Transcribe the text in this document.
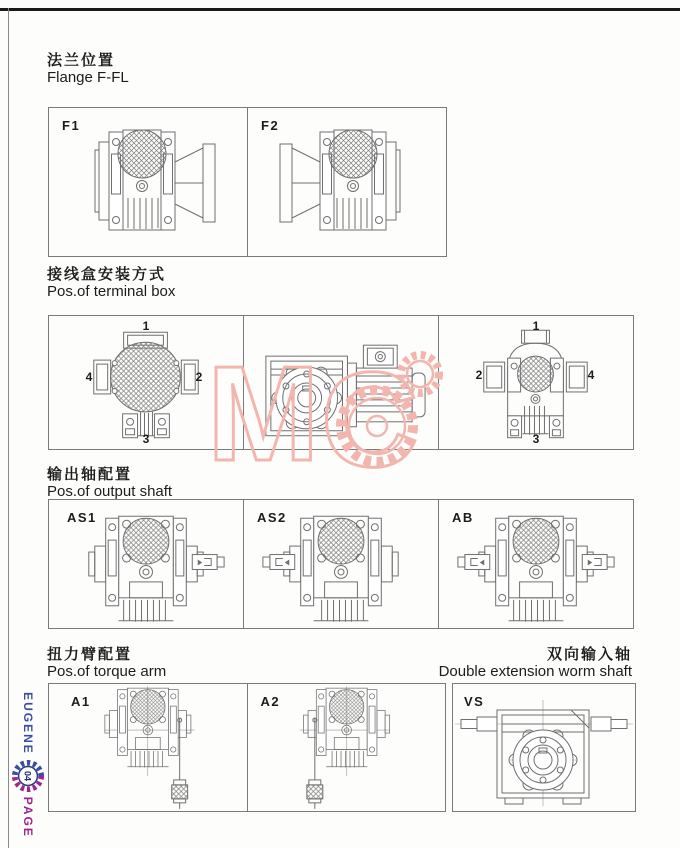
法兰位置
Flange F-FL
F1	F2
接线盒安装方式
Pos.of terminal box
1
2
3
4
1
2
3
4
M C
输出轴配置
Pos.of output shaft
AS1	AS2	AB
扭力臂配置
Pos.of torque arm
双向输入轴
Double extension worm shaft
A1	A2	VS
EUGENE
04
PAGE
